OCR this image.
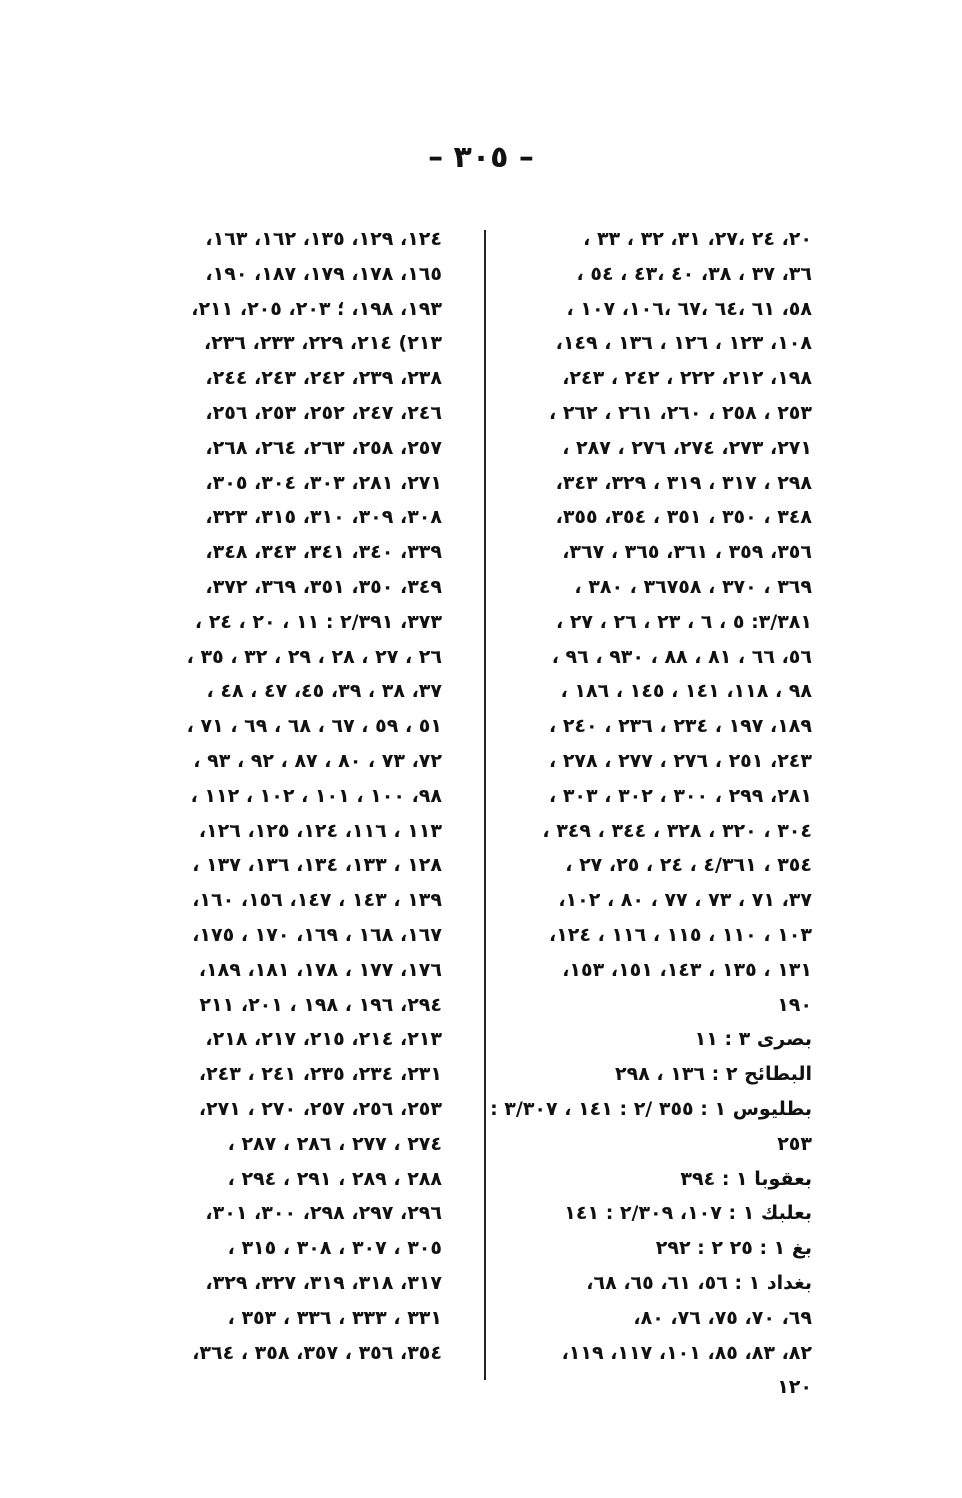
– ٣٠٥ –
٢٠، ٢٤ ،٢٧، ٣١، ٣٢ ، ٣٣ ،
٣٦، ٣٧ ، ٣٨، ٤٠ ،٤٣ ، ٥٤ ،
٥٨، ٦١ ،٦٤ ،٦٧ ،١٠٦، ١٠٧ ،
١٠٨، ١٢٣ ، ١٢٦ ، ١٣٦ ، ١٤٩،
١٩٨، ٢١٢، ٢٢٢ ، ٢٤٢ ، ٢٤٣،
٢٥٣ ، ٢٥٨ ، ٢٦٠، ٢٦١ ، ٢٦٢ ،
٢٧١، ٢٧٣، ٢٧٤، ٢٧٦ ، ٢٨٧ ،
٢٩٨ ، ٣١٧ ، ٣١٩ ، ٣٢٩، ٣٤٣،
٣٤٨ ، ٣٥٠ ، ٣٥١ ، ٣٥٤، ٣٥٥،
٣٥٦، ٣٥٩ ، ٣٦١، ٣٦٥ ، ٣٦٧،
٣٦٩ ، ٣٧٠ ، ٣٦٧٥٨ ، ٣٨٠ ،
٣/٣٨١: ٥ ، ٦ ، ٢٣ ، ٢٦ ، ٢٧ ،
٥٦، ٦٦ ، ٨١ ، ٨٨ ، ٩٣٠ ، ٩٦ ،
٩٨ ، ١١٨، ١٤١ ، ١٤٥ ، ١٨٦ ،
١٨٩، ١٩٧ ، ٢٣٤ ، ٢٣٦ ، ٢٤٠ ،
٢٤٣، ٢٥١ ، ٢٧٦ ، ٢٧٧ ، ٢٧٨ ،
٢٨١، ٢٩٩ ، ٣٠٠ ، ٣٠٢ ، ٣٠٣ ،
٣٠٤ ، ٣٢٠ ، ٣٢٨ ، ٣٤٤ ، ٣٤٩ ،
٣٥٤ ، ٤/٣٦١ ، ٢٤ ، ٢٥، ٢٧ ،
٣٧، ٧١ ، ٧٣ ، ٧٧ ، ٨٠ ، ١٠٢،
١٠٣ ، ١١٠ ، ١١٥ ، ١١٦ ، ١٢٤،
١٣١ ، ١٣٥ ، ١٤٣، ١٥١، ١٥٣،
١٩٠
بصرى ٣ : ١١
البطائح ٢ : ١٣٦ ، ٢٩٨
بطليوس ١ : ٣٥٥ /٢ : ١٤١ ، ٣/٣٠٧ :
٢٥٣
بعقوبا ١ : ٣٩٤
بعلبك ١ : ١٠٧، ٢/٣٠٩ : ١٤١
بغ ١ : ٢٥ ٢ : ٢٩٢
بغداد ١ : ٥٦، ٦١، ٦٥، ٦٨،
٦٩، ٧٠، ٧٥، ٧٦، ٨٠،
٨٢، ٨٣، ٨٥، ١٠١، ١١٧، ١١٩،
١٢٠
١٢٤، ١٢٩، ١٣٥، ١٦٢، ١٦٣،
١٦٥، ١٧٨، ١٧٩، ١٨٧، ١٩٠،
١٩٣، ١٩٨، ؛ ٢٠٣، ٢٠٥، ٢١١،
٢١٣) ٢١٤، ٢٢٩، ٢٣٣، ٢٣٦،
٢٣٨، ٢٣٩، ٢٤٢، ٢٤٣، ٢٤٤،
٢٤٦، ٢٤٧، ٢٥٢، ٢٥٣، ٢٥٦،
٢٥٧، ٢٥٨، ٢٦٣، ٢٦٤، ٢٦٨،
٢٧١، ٢٨١، ٣٠٣، ٣٠٤، ٣٠٥،
٣٠٨، ٣٠٩، ٣١٠، ٣١٥، ٣٢٣،
٣٣٩، ٣٤٠، ٣٤١، ٣٤٣، ٣٤٨،
٣٤٩، ٣٥٠، ٣٥١، ٣٦٩، ٣٧٢،
٣٧٣، ٢/٣٩١ : ١١ ، ٢٠ ، ٢٤ ،
٢٦ ، ٢٧ ، ٢٨ ، ٢٩ ، ٣٢ ، ٣٥ ،
٣٧، ٣٨ ، ٣٩، ٤٥، ٤٧ ، ٤٨ ،
٥١ ، ٥٩ ، ٦٧ ، ٦٨ ، ٦٩ ، ٧١ ،
٧٢، ٧٣ ، ٨٠ ، ٨٧ ، ٩٢ ، ٩٣ ،
٩٨، ١٠٠ ، ١٠١ ، ١٠٢ ، ١١٢ ،
١١٣ ، ١١٦، ١٢٤، ١٢٥، ١٢٦،
١٢٨ ، ١٣٣، ١٣٤، ١٣٦، ١٣٧ ،
١٣٩ ، ١٤٣ ، ١٤٧، ١٥٦، ١٦٠،
١٦٧، ١٦٨ ، ١٦٩، ١٧٠ ، ١٧٥،
١٧٦، ١٧٧ ، ١٧٨، ١٨١، ١٨٩،
٢٩٤، ١٩٦ ، ١٩٨ ، ٢٠١، ٢١١
٢١٣، ٢١٤، ٢١٥، ٢١٧، ٢١٨،
٢٣١، ٢٣٤، ٢٣٥، ٢٤١ ، ٢٤٣،
٢٥٣، ٢٥٦، ٢٥٧، ٢٧٠ ، ٢٧١،
٢٧٤ ، ٢٧٧ ، ٢٨٦ ، ٢٨٧ ،
٢٨٨ ، ٢٨٩ ، ٢٩١ ، ٢٩٤ ،
٢٩٦، ٢٩٧، ٢٩٨، ٣٠٠، ٣٠١،
٣٠٥ ، ٣٠٧ ، ٣٠٨ ، ٣١٥ ،
٣١٧، ٣١٨، ٣١٩، ٣٢٧، ٣٢٩،
٣٣١ ، ٣٣٣ ، ٣٣٦ ، ٣٥٣ ،
٣٥٤، ٣٥٦ ، ٣٥٧، ٣٥٨ ، ٣٦٤،
